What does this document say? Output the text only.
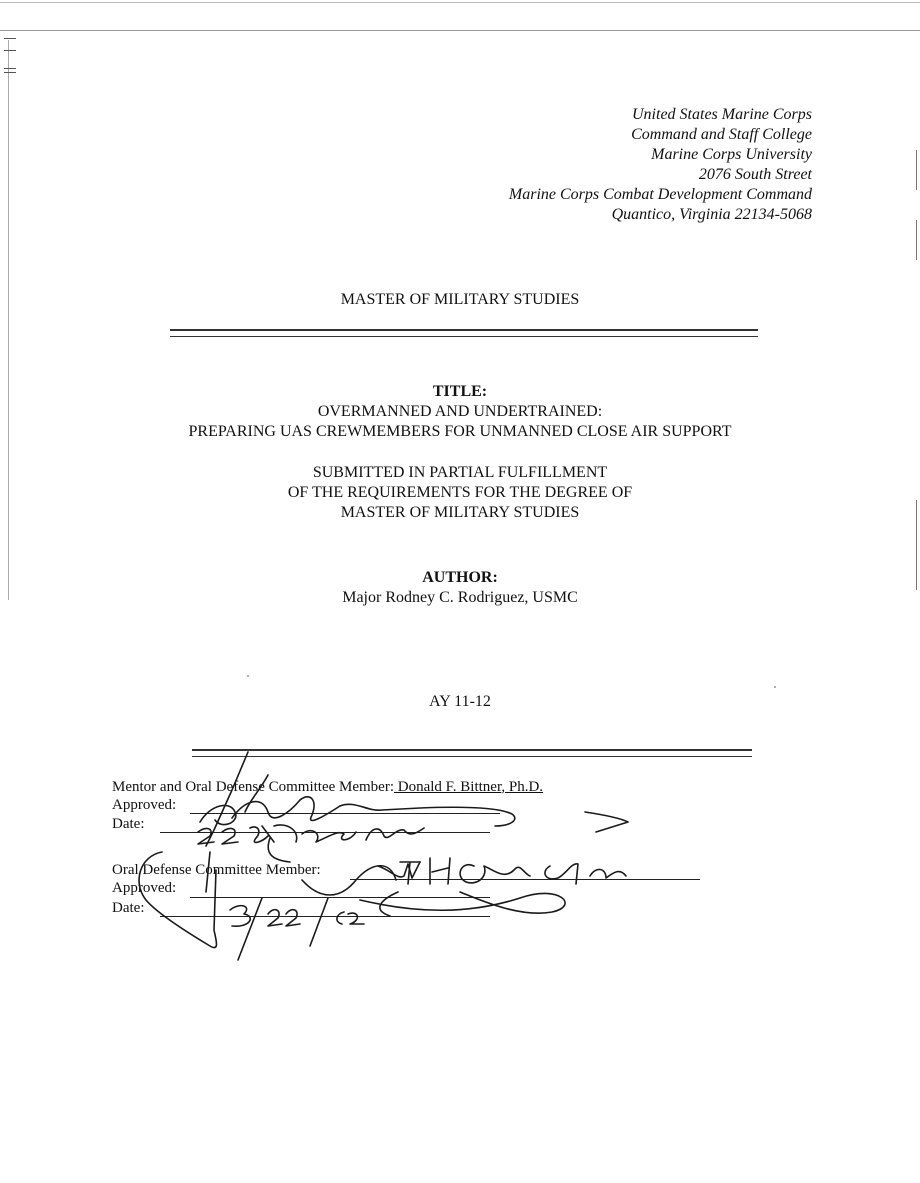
United States Marine Corps
Command and Staff College
Marine Corps University
2076 South Street
Marine Corps Combat Development Command
Quantico, Virginia 22134-5068
MASTER OF MILITARY STUDIES
TITLE:
OVERMANNED AND UNDERTRAINED:
PREPARING UAS CREWMEMBERS FOR UNMANNED CLOSE AIR SUPPORT
SUBMITTED IN PARTIAL FULFILLMENT
OF THE REQUIREMENTS FOR THE DEGREE OF
MASTER OF MILITARY STUDIES
AUTHOR:
Major Rodney C. Rodriguez, USMC
AY 11-12
Mentor and Oral Defense Committee Member: Donald F. Bittner, Ph.D.
Approved:
Date:
Oral Defense Committee Member:
Approved:
Date:
